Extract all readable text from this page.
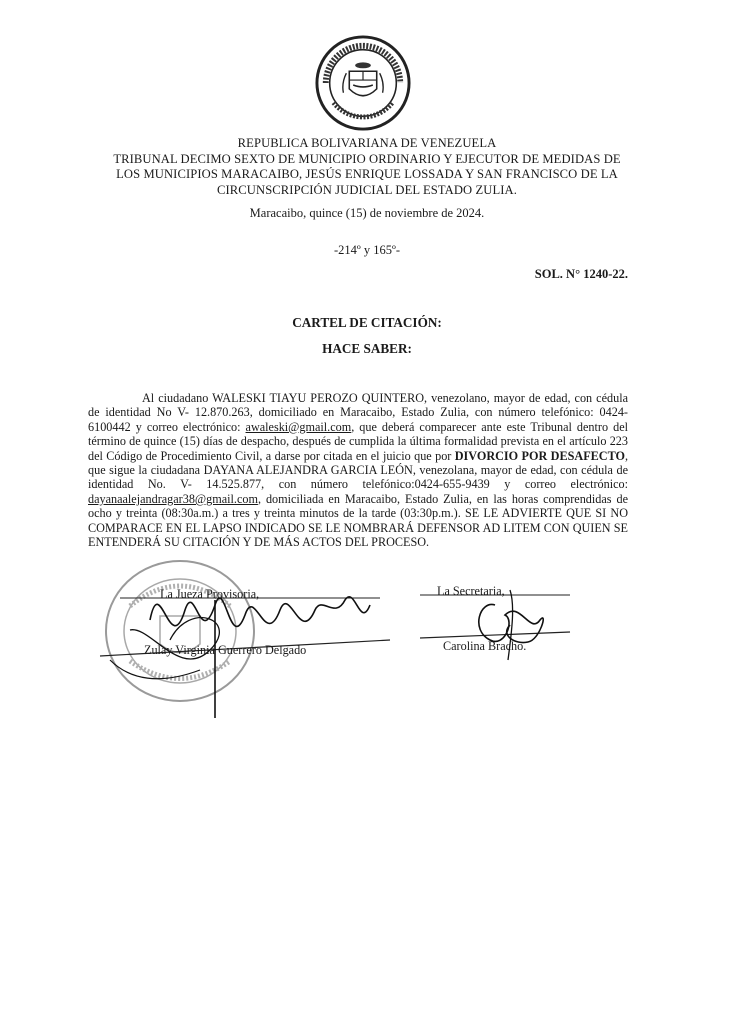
REPUBLICA BOLIVARIANA DE VENEZUELA
TRIBUNAL DECIMO SEXTO DE MUNICIPIO ORDINARIO Y EJECUTOR DE MEDIDAS DE
LOS MUNICIPIOS MARACAIBO, JESÚS ENRIQUE LOSSADA Y SAN FRANCISCO DE LA
CIRCUNSCRIPCIÓN JUDICIAL DEL ESTADO ZULIA.
Maracaibo, quince (15) de noviembre de 2024.
-214º y 165º-
SOL. N° 1240-22.
CARTEL DE CITACIÓN:
HACE SABER:
Al ciudadano WALESKI TIAYU PEROZO QUINTERO, venezolano, mayor de edad, con cédula de identidad No V- 12.870.263, domiciliado en Maracaibo, Estado Zulia, con número telefónico: 0424-6100442 y correo electrónico: awaleski@gmail.com, que deberá comparecer ante este Tribunal dentro del término de quince (15) días de despacho, después de cumplida la última formalidad prevista en el artículo 223 del Código de Procedimiento Civil, a darse por citada en el juicio que por DIVORCIO POR DESAFECTO, que sigue la ciudadana DAYANA ALEJANDRA GARCIA LEÓN, venezolana, mayor de edad, con cédula de identidad No. V- 14.525.877, con número telefónico:0424-655-9439 y correo electrónico: dayanaalejandragar38@gmail.com, domiciliada en Maracaibo, Estado Zulia, en las horas comprendidas de ocho y treinta (08:30a.m.) a tres y treinta minutos de la tarde (03:30p.m.). SE LE ADVIERTE QUE SI NO COMPARACE EN EL LAPSO INDICADO SE LE NOMBRARÁ DEFENSOR AD LITEM CON QUIEN SE ENTENDERÁ SU CITACIÓN Y DE MÁS ACTOS DEL PROCESO.
La Jueza Provisoria,
Zulay Virginia Guerrero Delgado
La Secretaria,
Carolina Bracho.
